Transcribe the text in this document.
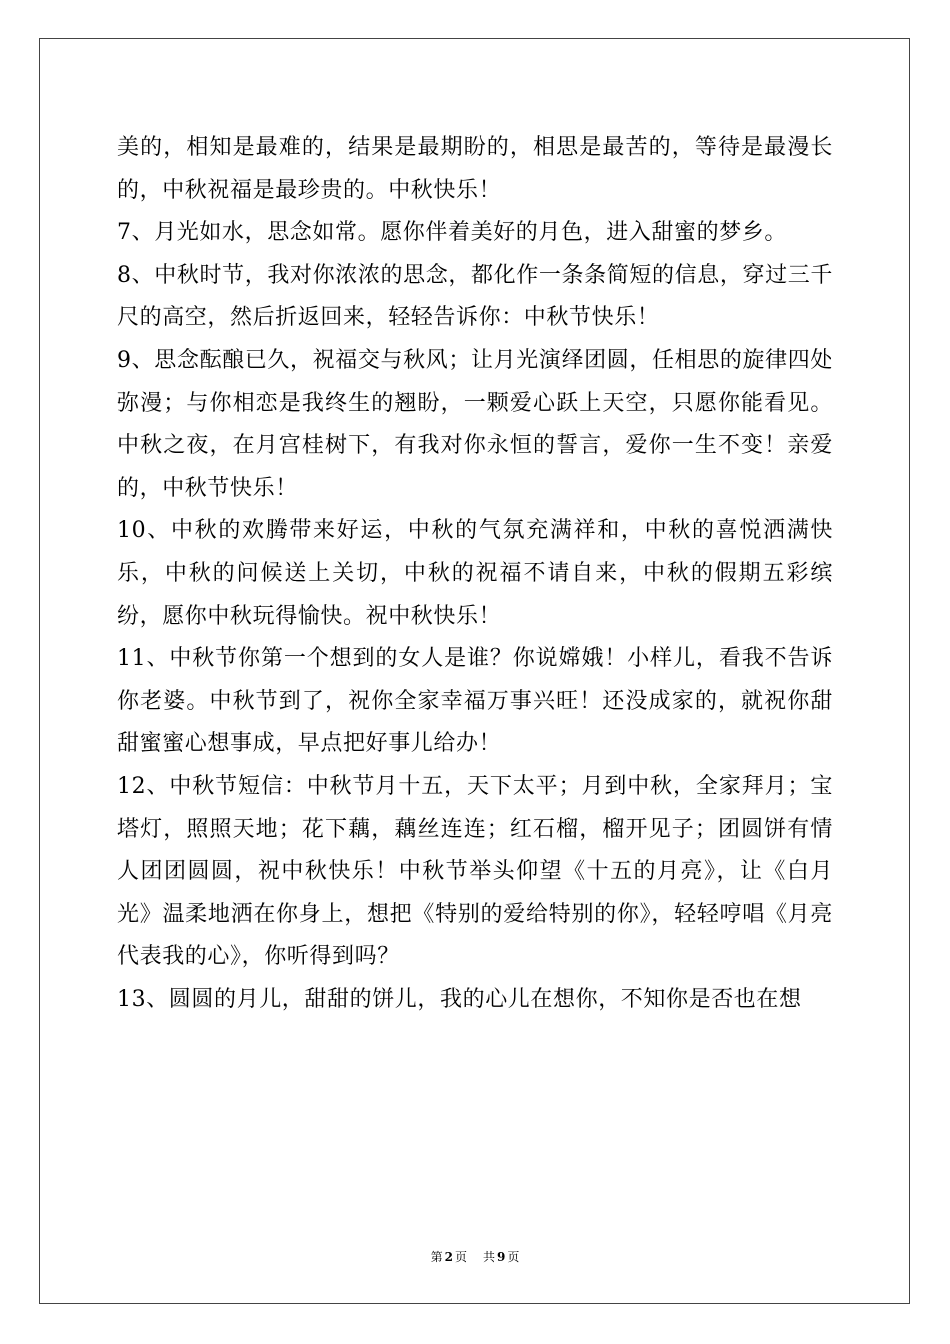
美的，相知是最难的，结果是最期盼的，相思是最苦的，等待是最漫长的，中秋祝福是最珍贵的。中秋快乐！

7、月光如水，思念如常。愿你伴着美好的月色，进入甜蜜的梦乡。

8、中秋时节，我对你浓浓的思念，都化作一条条简短的信息，穿过三千尺的高空，然后折返回来，轻轻告诉你：中秋节快乐！

9、思念酝酿已久，祝福交与秋风；让月光演绎团圆，任相思的旋律四处弥漫；与你相恋是我终生的翘盼，一颗爱心跃上天空，只愿你能看见。中秋之夜，在月宫桂树下，有我对你永恒的誓言，爱你一生不变！亲爱的，中秋节快乐！

10、中秋的欢腾带来好运，中秋的气氛充满祥和，中秋的喜悦洒满快乐，中秋的问候送上关切，中秋的祝福不请自来，中秋的假期五彩缤纷，愿你中秋玩得愉快。祝中秋快乐！

11、中秋节你第一个想到的女人是谁？你说嫦娥！小样儿，看我不告诉你老婆。中秋节到了，祝你全家幸福万事兴旺！还没成家的，就祝你甜甜蜜蜜心想事成，早点把好事儿给办！

12、中秋节短信：中秋节月十五，天下太平；月到中秋，全家拜月；宝塔灯，照照天地；花下藕，藕丝连连；红石榴，榴开见子；团圆饼有情人团团圆圆，祝中秋快乐！中秋节举头仰望《十五的月亮》，让《白月光》温柔地洒在你身上，想把《特别的爱给特别的你》，轻轻哼唱《月亮代表我的心》，你听得到吗？

13、圆圆的月儿，甜甜的饼儿，我的心儿在想你，不知你是否也在想

第 2 页 共 9 页
